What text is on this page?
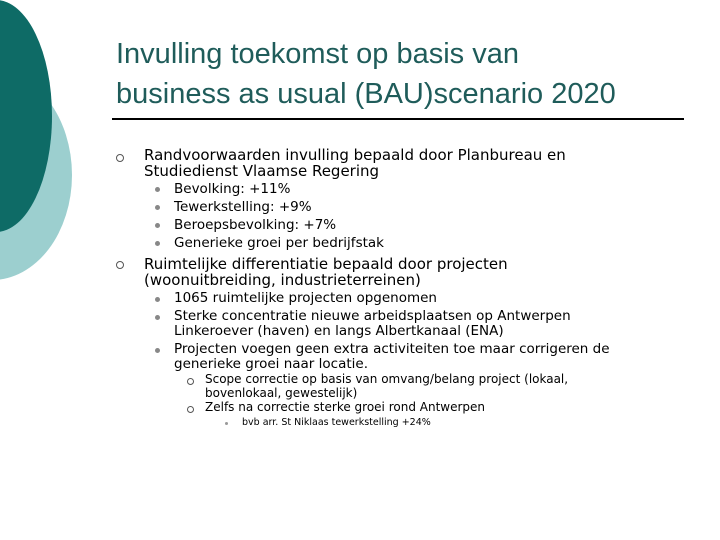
Invulling toekomst op basis van
business as usual (BAU)scenario 2020
Randvoorwaarden invulling bepaald door Planbureau en
Studiedienst Vlaamse Regering
Bevolking: +11%
Tewerkstelling: +9%
Beroepsbevolking: +7%
Generieke groei per bedrijfstak
Ruimtelijke differentiatie bepaald door projecten
(woonuitbreiding, industrieterreinen)
1065 ruimtelijke projecten opgenomen
Sterke concentratie nieuwe arbeidsplaatsen op Antwerpen
Linkeroever (haven) en langs Albertkanaal (ENA)
Projecten voegen geen extra activiteiten toe maar corrigeren de
generieke groei naar locatie.
Scope correctie op basis van omvang/belang project (lokaal,
bovenlokaal, gewestelijk)
Zelfs na correctie sterke groei rond Antwerpen
bvb arr. St Niklaas tewerkstelling +24%
